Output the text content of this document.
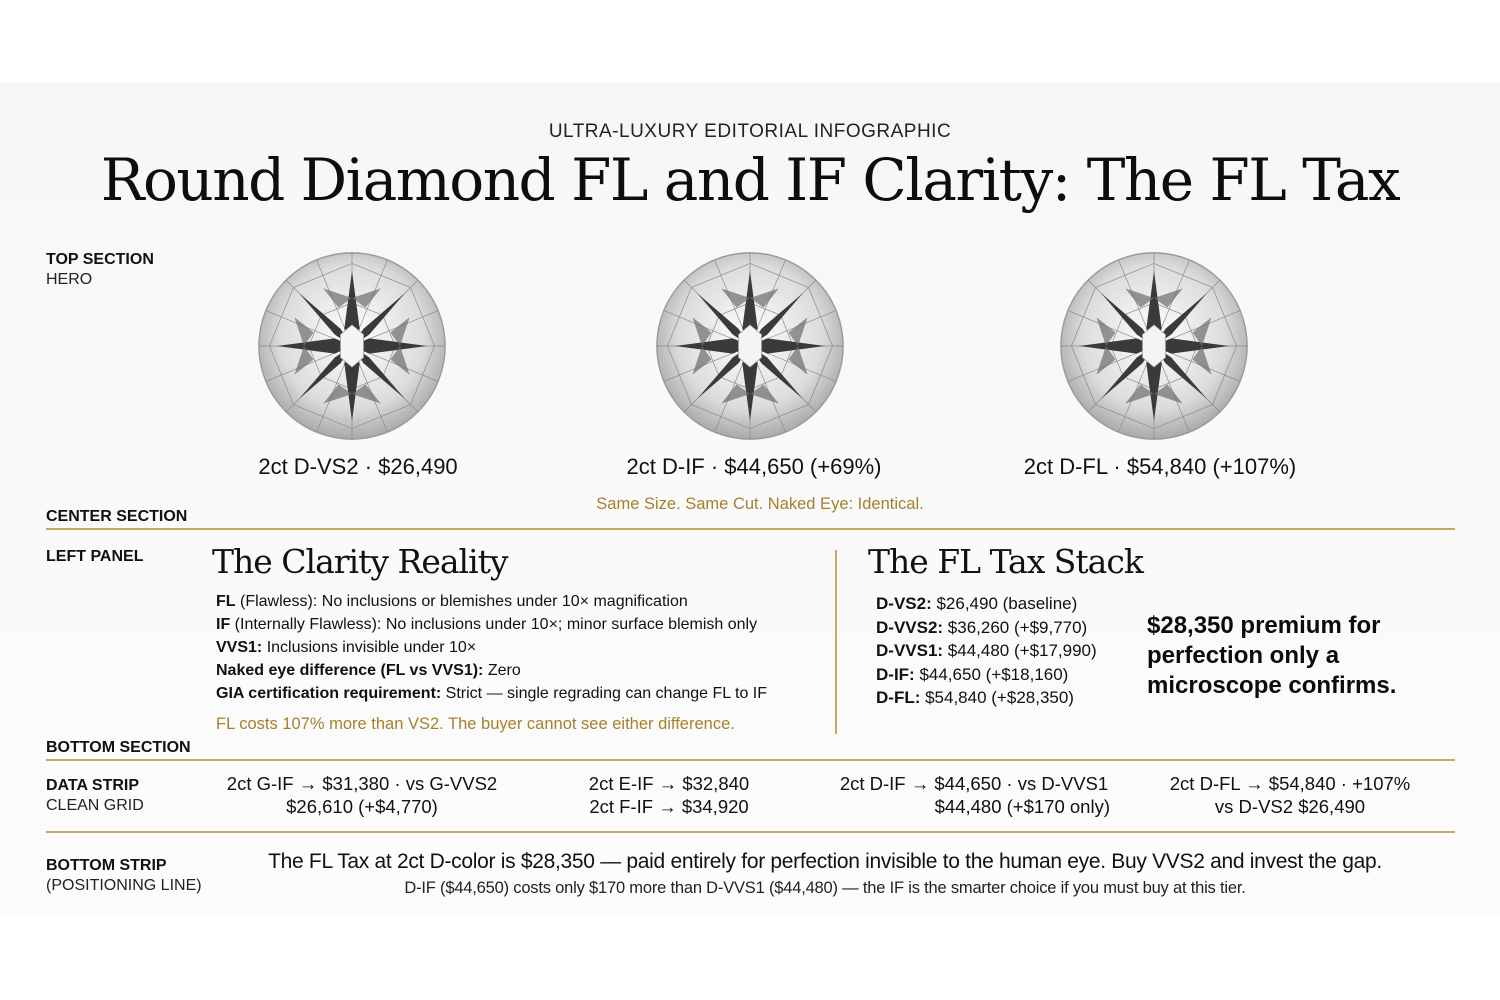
ULTRA-LUXURY EDITORIAL INFOGRAPHIC
Round Diamond FL and IF Clarity: The FL Tax
TOP SECTION
HERO
2ct D-VS2 · $26,490	2ct D-IF · $44,650 (+69%)	2ct D-FL · $54,840 (+107%)
Same Size. Same Cut. Naked Eye: Identical.
CENTER SECTION
LEFT PANEL The Clarity Reality
FL (Flawless): No inclusions or blemishes under 10× magnification
IF (Internally Flawless): No inclusions under 10×; minor surface blemish only
VVS1: Inclusions invisible under 10×
Naked eye difference (FL vs VVS1): Zero
GIA certification requirement: Strict — single regrading can change FL to IF
FL costs 107% more than VS2. The buyer cannot see either difference.
The FL Tax Stack
D-VS2: $26,490 (baseline)
D-VVS2: $36,260 (+$9,770)
D-VVS1: $44,480 (+$17,990)
D-IF: $44,650 (+$18,160)
D-FL: $54,840 (+$28,350)
$28,350 premium for
perfection only a
microscope confirms.
BOTTOM SECTION
DATA STRIP
CLEAN GRID
2ct G-IF → $31,380 · vs G-VVS2
$26,610 (+$4,770)
2ct E-IF → $32,840
2ct F-IF → $34,920
2ct D-IF → $44,650 · vs D-VVS1
$44,480 (+$170 only)
2ct D-FL → $54,840 · +107%
vs D-VS2 $26,490
BOTTOM STRIP
(POSITIONING LINE)
The FL Tax at 2ct D-color is $28,350 — paid entirely for perfection invisible to the human eye. Buy VVS2 and invest the gap.
D-IF ($44,650) costs only $170 more than D-VVS1 ($44,480) — the IF is the smarter choice if you must buy at this tier.
